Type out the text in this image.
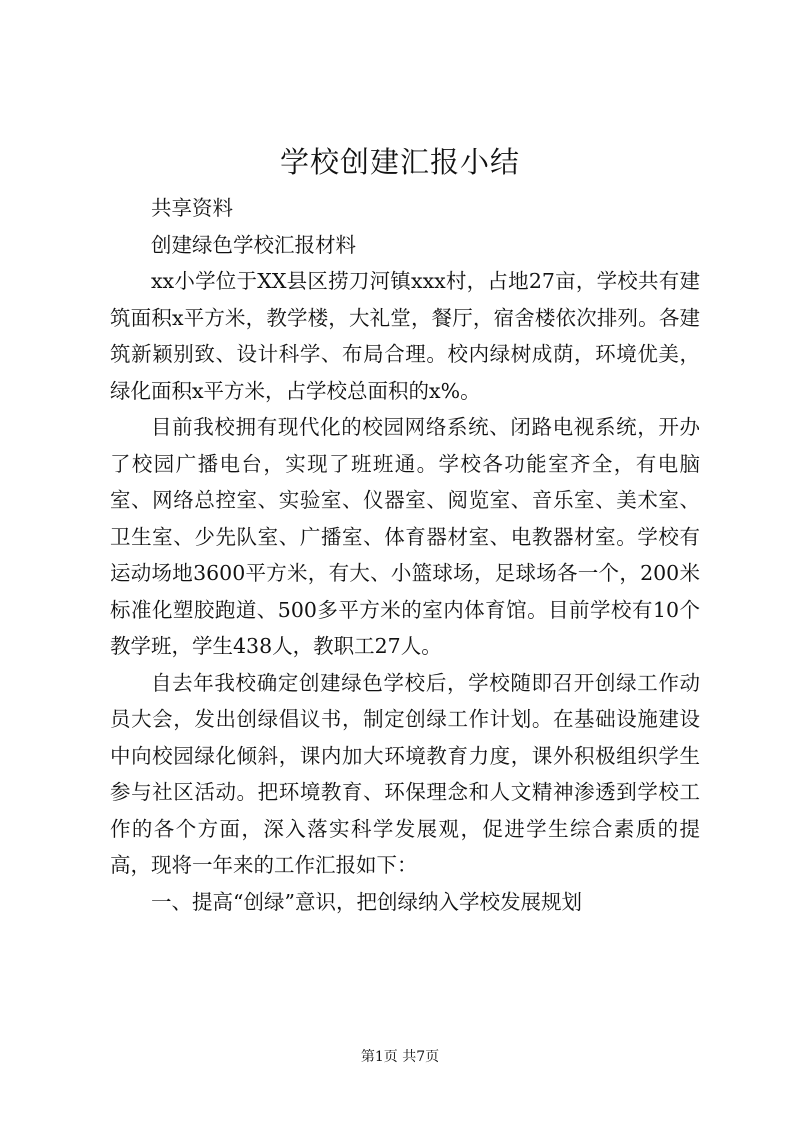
学校创建汇报小结

共享资料

创建绿色学校汇报材料

xx小学位于XX县区捞刀河镇xxx村，占地27亩，学校共有建筑面积x平方米，教学楼，大礼堂，餐厅，宿舍楼依次排列。各建筑新颖别致、设计科学、布局合理。校内绿树成荫，环境优美，绿化面积x平方米，占学校总面积的x%。

目前我校拥有现代化的校园网络系统、闭路电视系统，开办了校园广播电台，实现了班班通。学校各功能室齐全，有电脑室、网络总控室、实验室、仪器室、阅览室、音乐室、美术室、卫生室、少先队室、广播室、体育器材室、电教器材室。学校有运动场地3600平方米，有大、小篮球场，足球场各一个，200米标准化塑胶跑道、500多平方米的室内体育馆。目前学校有10个教学班，学生438人，教职工27人。

自去年我校确定创建绿色学校后，学校随即召开创绿工作动员大会，发出创绿倡议书，制定创绿工作计划。在基础设施建设中向校园绿化倾斜，课内加大环境教育力度，课外积极组织学生参与社区活动。把环境教育、环保理念和人文精神渗透到学校工作的各个方面，深入落实科学发展观，促进学生综合素质的提高，现将一年来的工作汇报如下：

一、提高“创绿”意识，把创绿纳入学校发展规划

第1页 共7页
